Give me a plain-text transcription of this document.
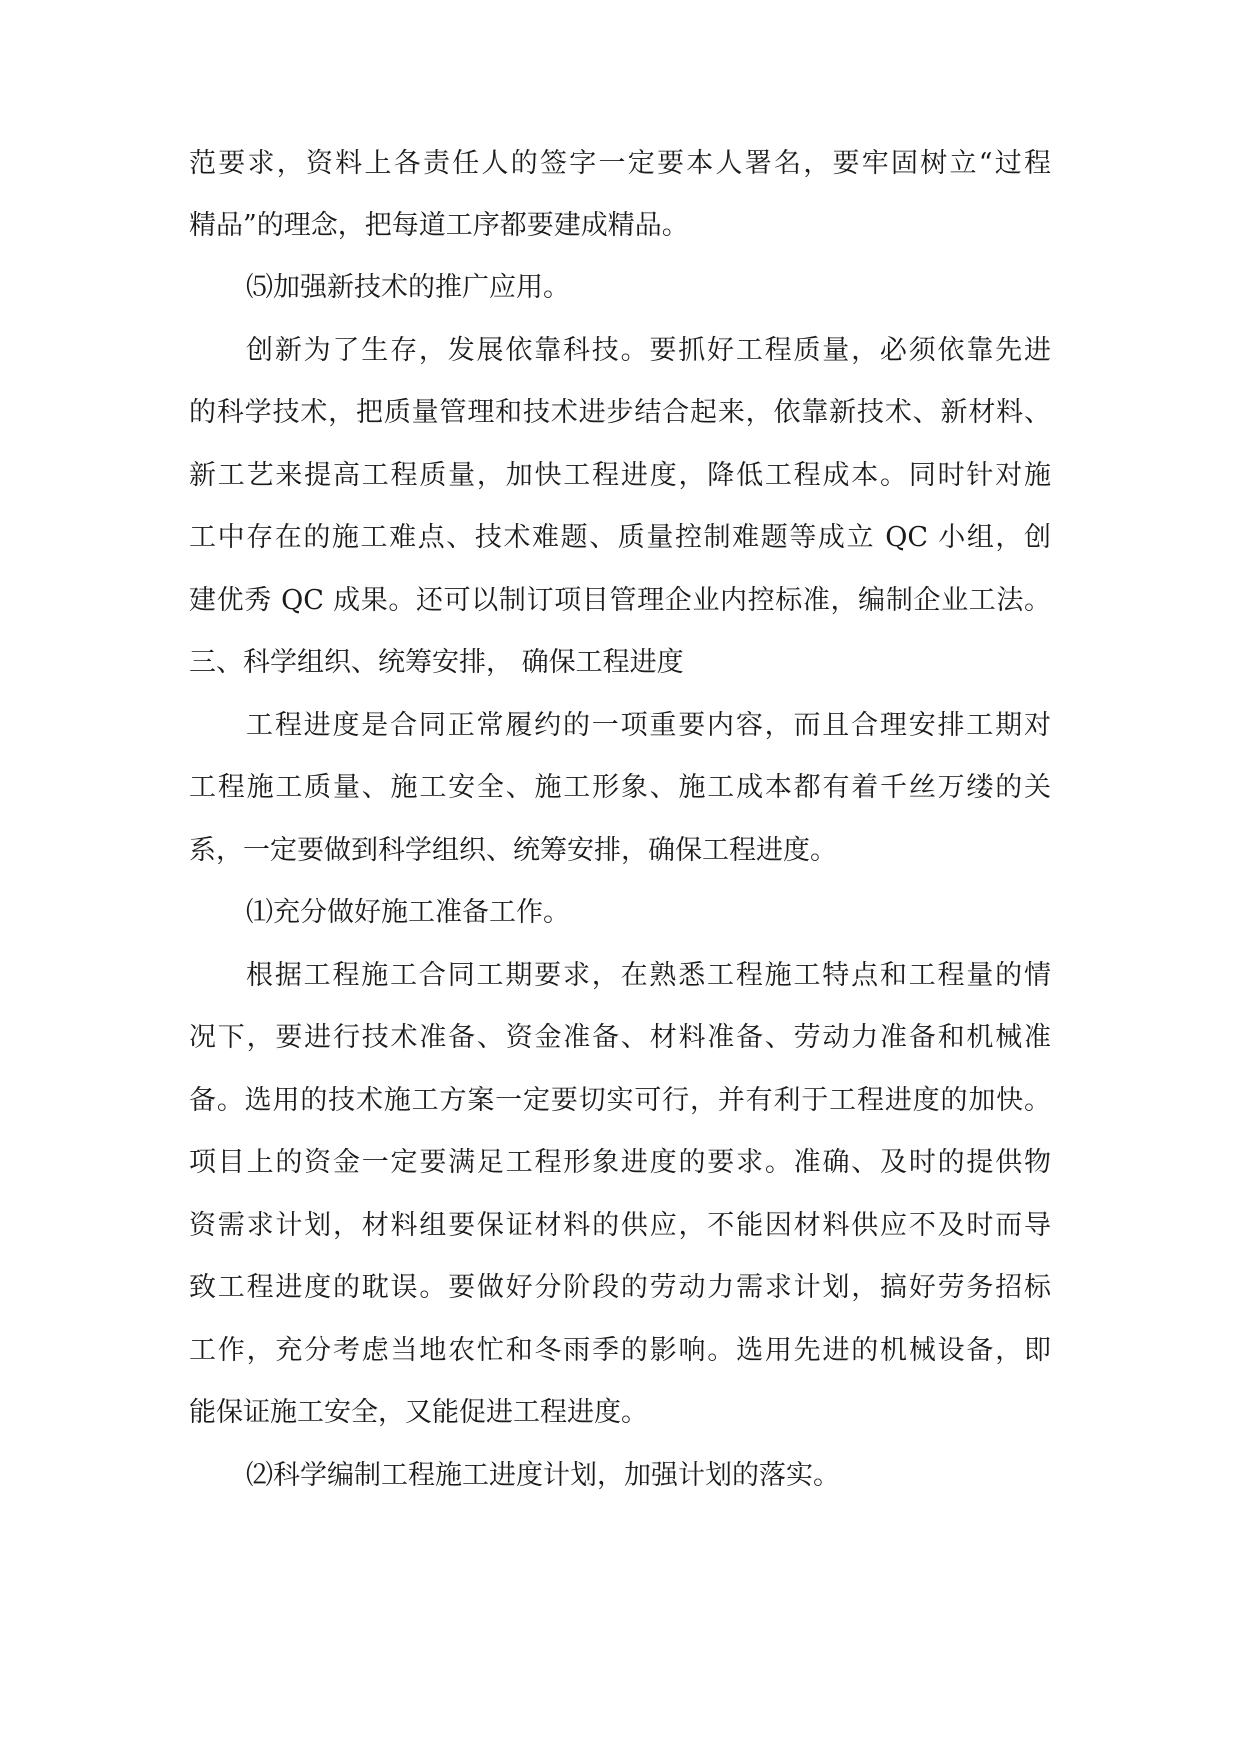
范要求，资料上各责任人的签字一定要本人署名，要牢固树立“过程

精品”的理念，把每道工序都要建成精品。

⑸加强新技术的推广应用。

创新为了生存，发展依靠科技。要抓好工程质量，必须依靠先进

的科学技术，把质量管理和技术进步结合起来，依靠新技术、新材料、

新工艺来提高工程质量，加快工程进度，降低工程成本。同时针对施

工中存在的施工难点、技术难题、质量控制难题等成立 QC 小组，创

建优秀 QC 成果。还可以制订项目管理企业内控标准，编制企业工法。

三、科学组织、统筹安排， 确保工程进度

工程进度是合同正常履约的一项重要内容，而且合理安排工期对

工程施工质量、施工安全、施工形象、施工成本都有着千丝万缕的关

系，一定要做到科学组织、统筹安排，确保工程进度。

⑴充分做好施工准备工作。

根据工程施工合同工期要求，在熟悉工程施工特点和工程量的情

况下，要进行技术准备、资金准备、材料准备、劳动力准备和机械准

备。选用的技术施工方案一定要切实可行，并有利于工程进度的加快。

项目上的资金一定要满足工程形象进度的要求。准确、及时的提供物

资需求计划，材料组要保证材料的供应，不能因材料供应不及时而导

致工程进度的耽误。要做好分阶段的劳动力需求计划，搞好劳务招标

工作，充分考虑当地农忙和冬雨季的影响。选用先进的机械设备，即

能保证施工安全，又能促进工程进度。

⑵科学编制工程施工进度计划，加强计划的落实。
